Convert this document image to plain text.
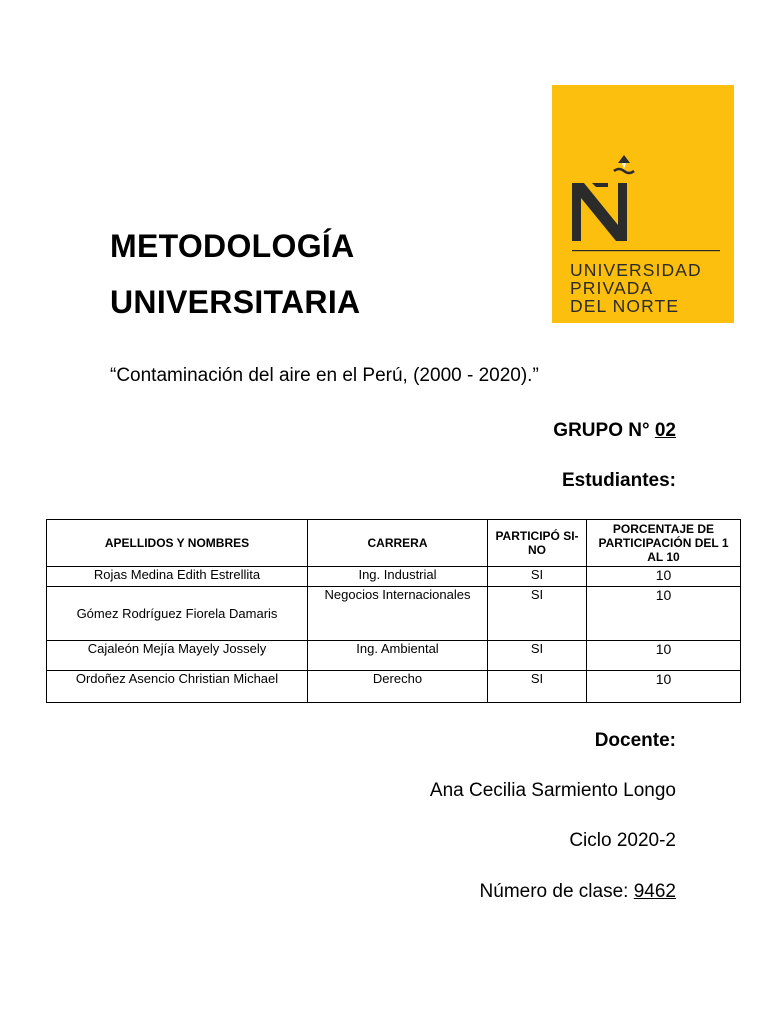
UNIVERSIDAD
PRIVADA
DEL NORTE
METODOLOGÍA
UNIVERSITARIA

“Contaminación del aire en el Perú, (2000 - 2020).”

GRUPO N° 02
Estudiantes:
APELLIDOS Y NOMBRES	CARRERA	PARTICIPÓ SI-NO	PORCENTAJE DE PARTICIPACIÓN DEL 1 AL 10
Rojas Medina Edith Estrellita	Ing. Industrial	SI	10
Gómez Rodríguez Fiorela Damaris	Negocios Internacionales	SI	10
Cajaleón Mejía Mayely Jossely	Ing. Ambiental	SI	10
Ordoñez Asencio Christian Michael	Derecho	SI	10
Docente:
Ana Cecilia Sarmiento Longo
Ciclo 2020-2
Número de clase: 9462
